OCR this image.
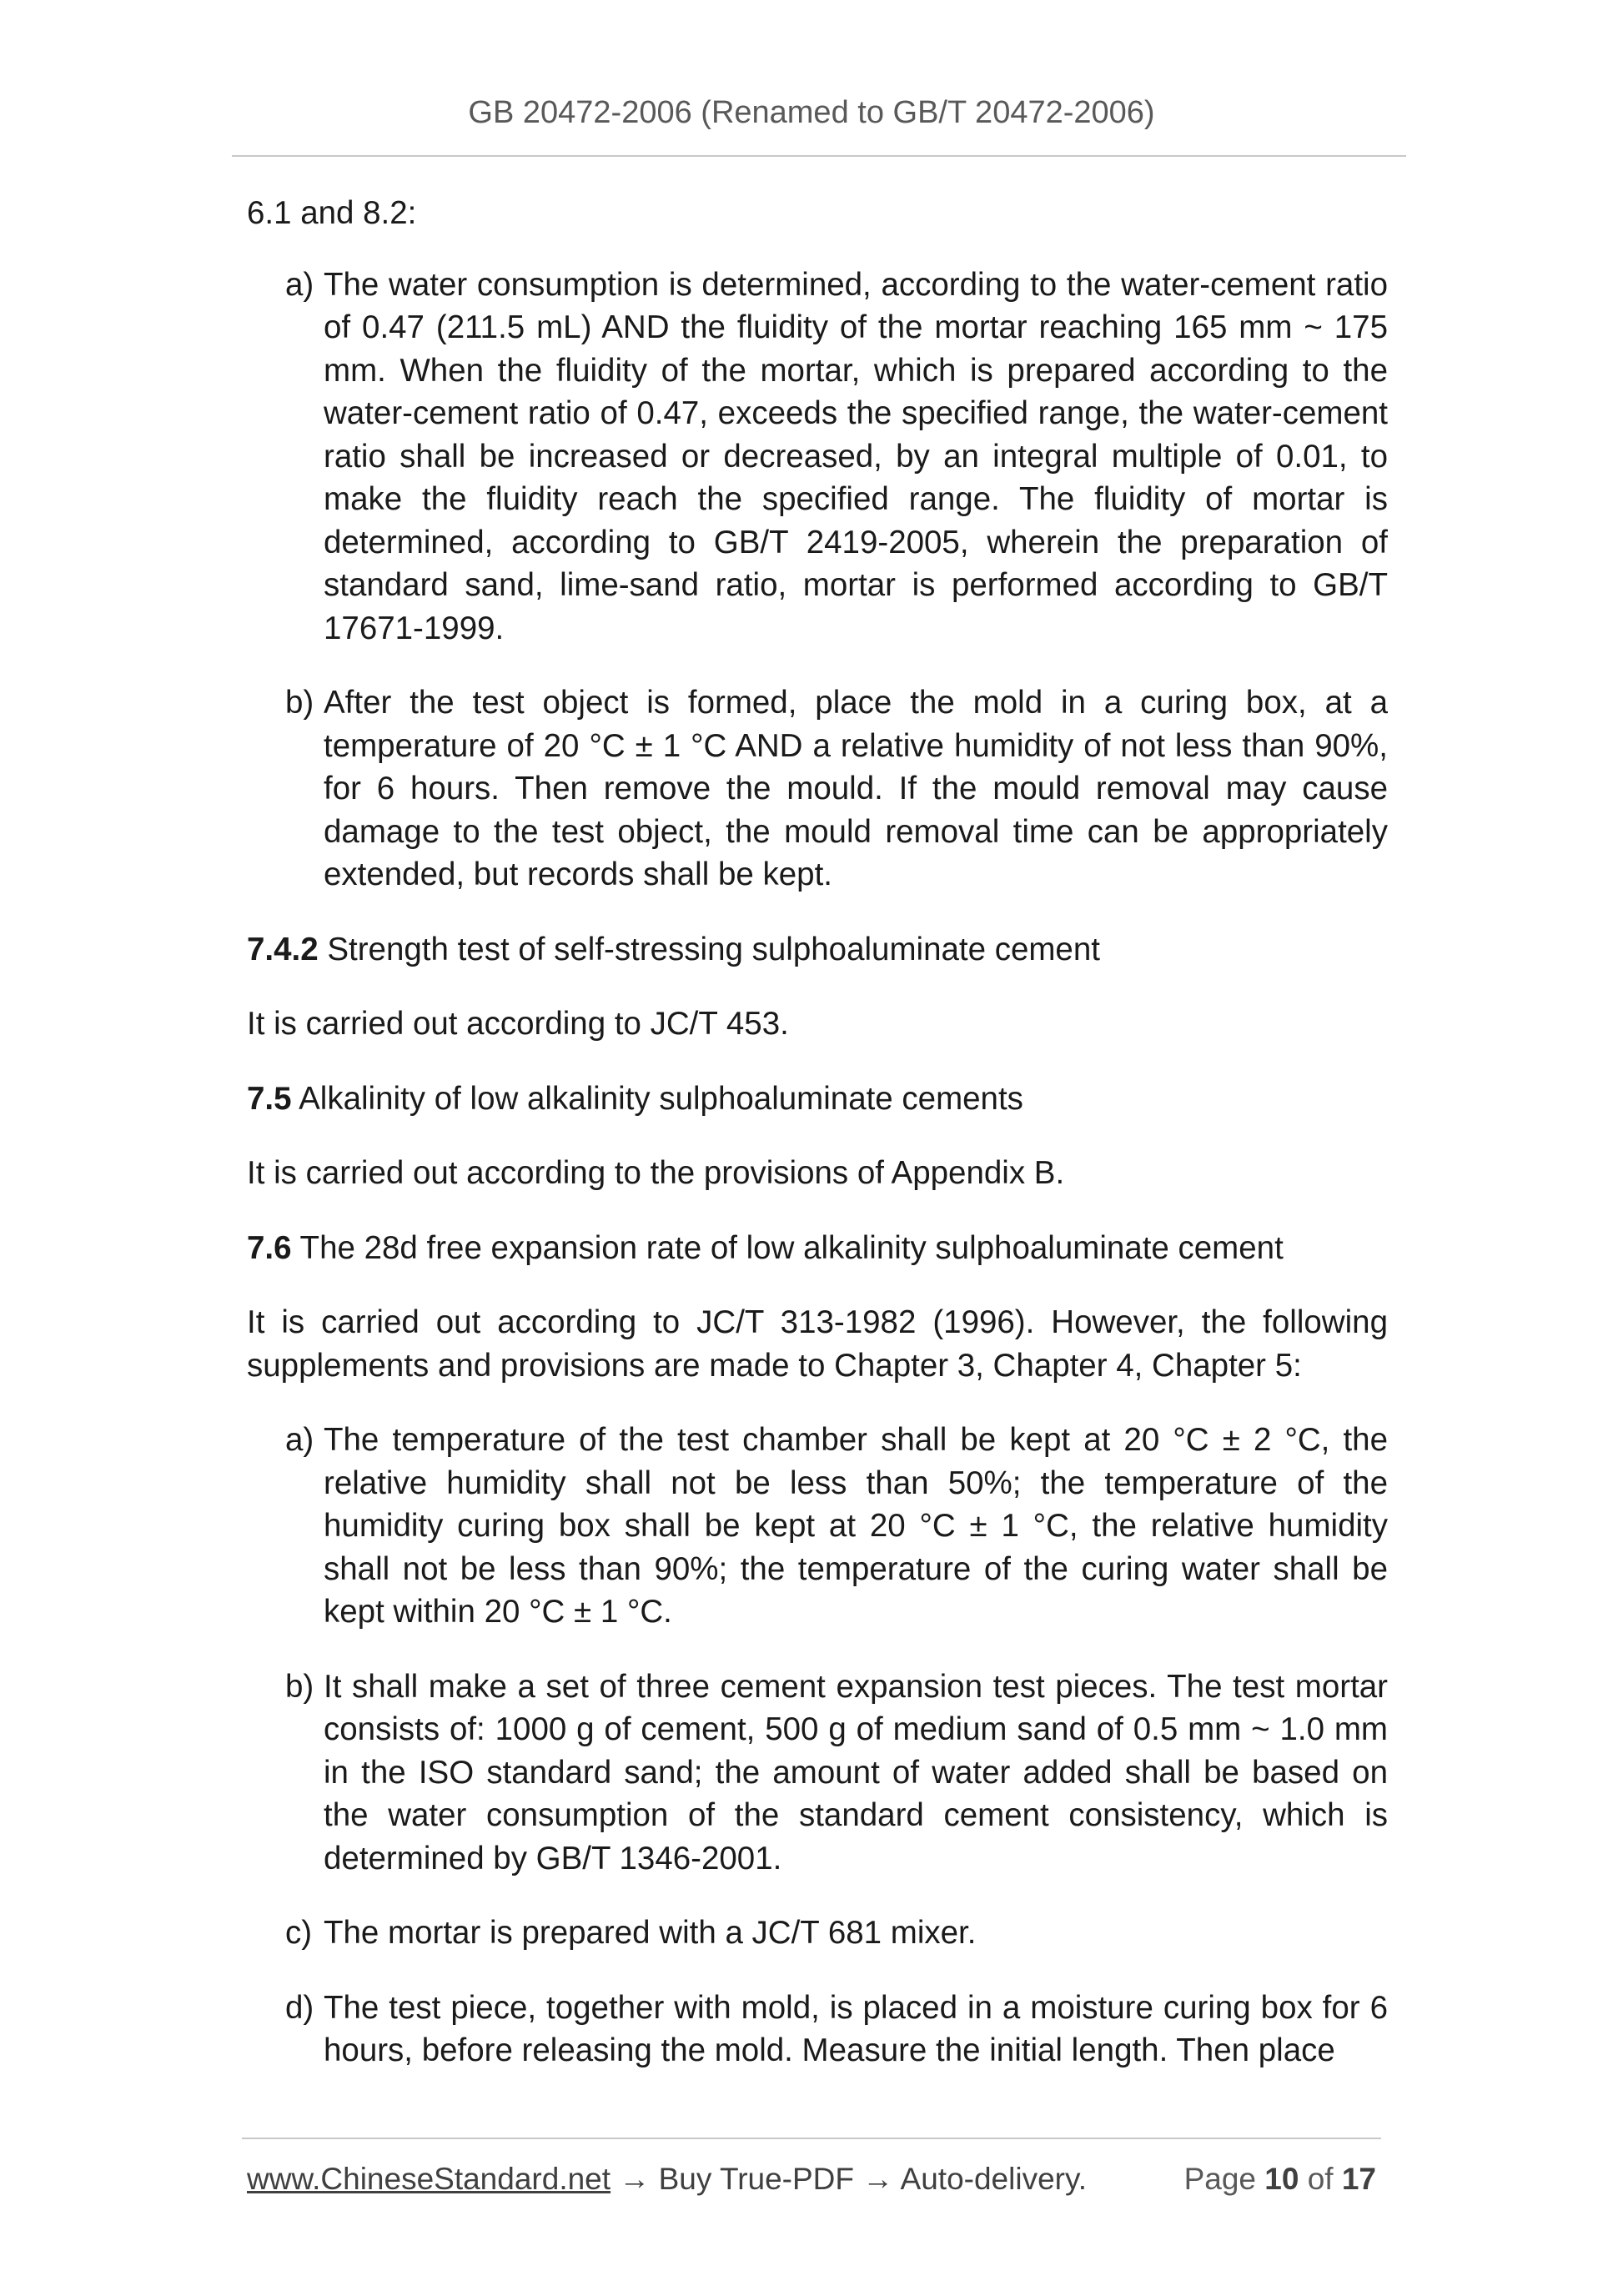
GB 20472-2006 (Renamed to GB/T 20472-2006)

6.1 and 8.2:

a) The water consumption is determined, according to the water-cement ratio of 0.47 (211.5 mL) AND the fluidity of the mortar reaching 165 mm ~ 175 mm. When the fluidity of the mortar, which is prepared according to the water-cement ratio of 0.47, exceeds the specified range, the water-cement ratio shall be increased or decreased, by an integral multiple of 0.01, to make the fluidity reach the specified range. The fluidity of mortar is determined, according to GB/T 2419-2005, wherein the preparation of standard sand, lime-sand ratio, mortar is performed according to GB/T 17671-1999.
b) After the test object is formed, place the mold in a curing box, at a temperature of 20 °C ± 1 °C AND a relative humidity of not less than 90%, for 6 hours. Then remove the mould. If the mould removal may cause damage to the test object, the mould removal time can be appropriately extended, but records shall be kept.

7.4.2 Strength test of self-stressing sulphoaluminate cement

It is carried out according to JC/T 453.

7.5 Alkalinity of low alkalinity sulphoaluminate cements

It is carried out according to the provisions of Appendix B.

7.6 The 28d free expansion rate of low alkalinity sulphoaluminate cement

It is carried out according to JC/T 313-1982 (1996). However, the following supplements and provisions are made to Chapter 3, Chapter 4, Chapter 5:

a) The temperature of the test chamber shall be kept at 20 °C ± 2 °C, the relative humidity shall not be less than 50%; the temperature of the humidity curing box shall be kept at 20 °C ± 1 °C, the relative humidity shall not be less than 90%; the temperature of the curing water shall be kept within 20 °C ± 1 °C.
b) It shall make a set of three cement expansion test pieces. The test mortar consists of: 1000 g of cement, 500 g of medium sand of 0.5 mm ~ 1.0 mm in the ISO standard sand; the amount of water added shall be based on the water consumption of the standard cement consistency, which is determined by GB/T 1346-2001.
c) The mortar is prepared with a JC/T 681 mixer.
d) The test piece, together with mold, is placed in a moisture curing box for 6 hours, before releasing the mold. Measure the initial length. Then place
www.ChineseStandard.net → Buy True-PDF → Auto-delivery.	Page 10 of 17
